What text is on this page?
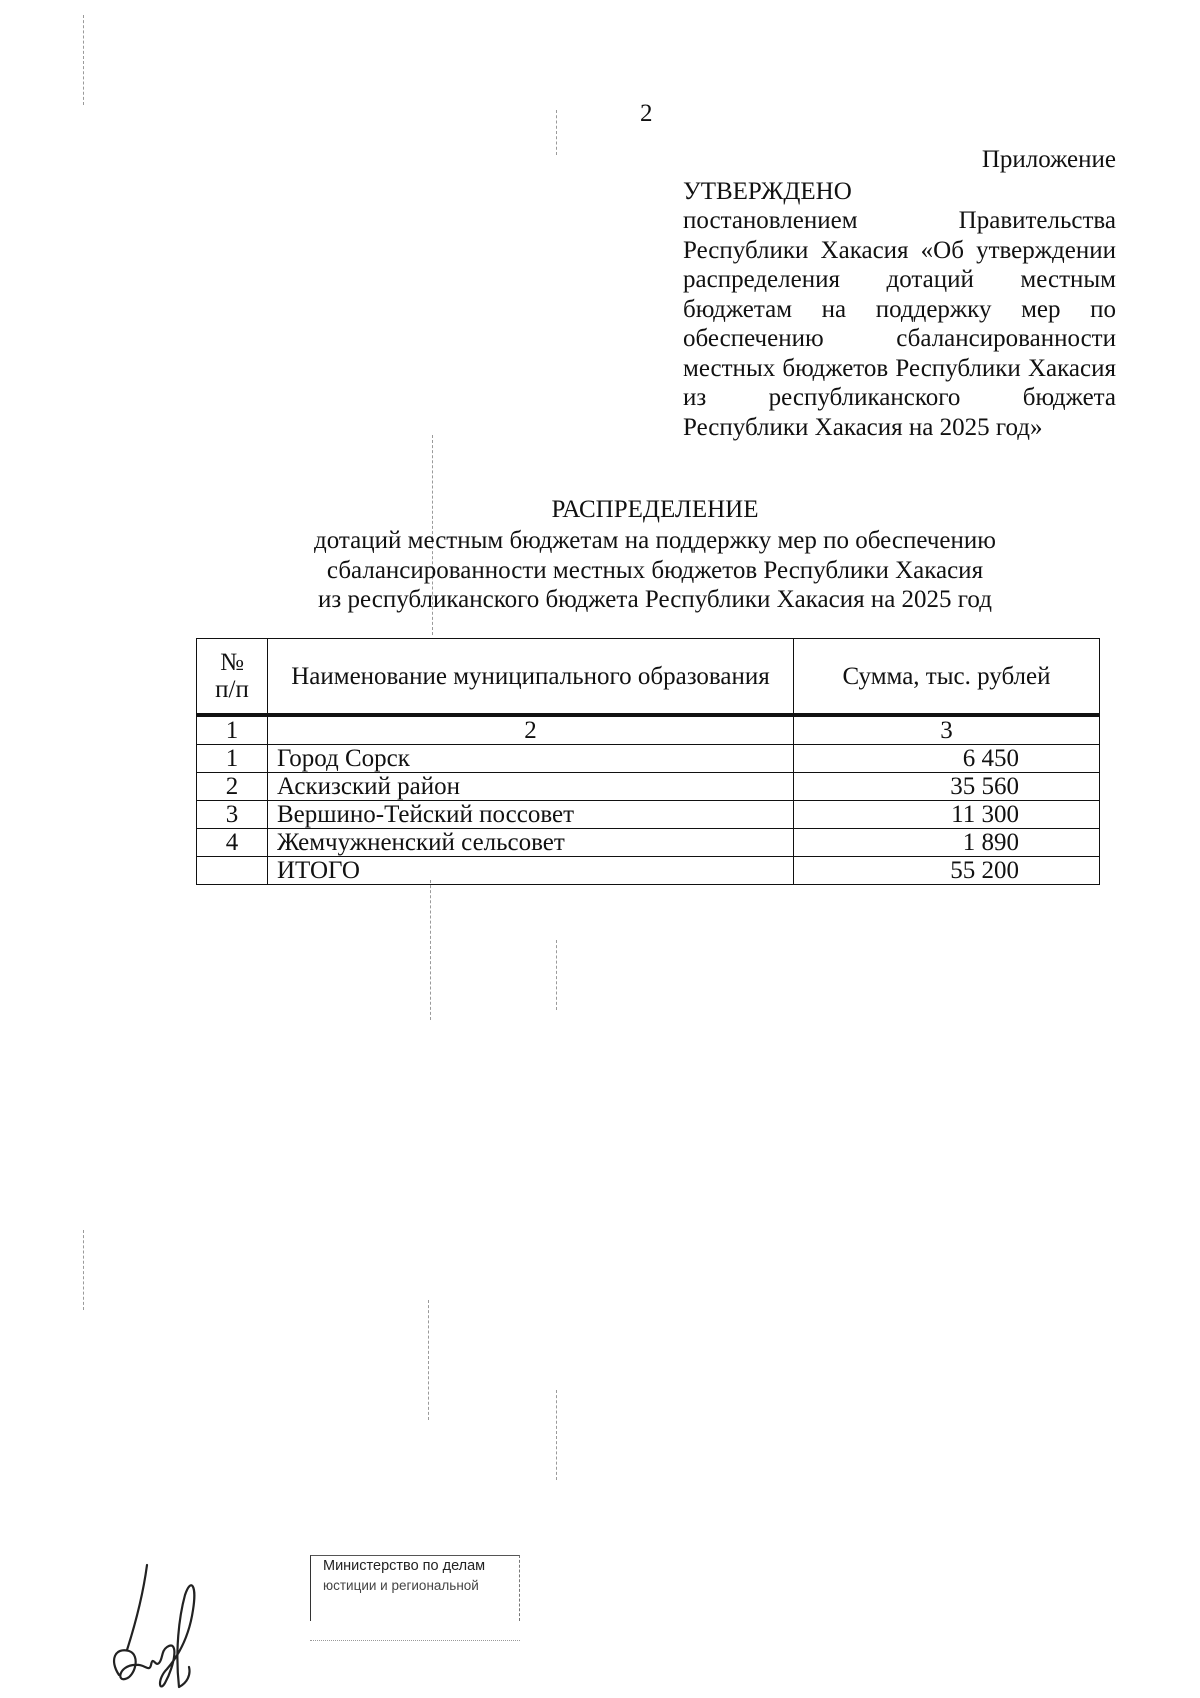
2
Приложение
УТВЕРЖДЕНО
постановлением Правительства Республики Хакасия «Об утверждении распределения дотаций местным бюджетам на поддержку мер по обеспечению сбалансированности местных бюджетов Республики Хакасия из республиканского бюджета Республики Хакасия на 2025 год»
РАСПРЕДЕЛЕНИЕ
дотаций местным бюджетам на поддержку мер по обеспечению
сбалансированности местных бюджетов Республики Хакасия
из республиканского бюджета Республики Хакасия на 2025 год
№
п/п	Наименование муниципального образования	Сумма, тыс. рублей

1	2	3
1	Город Сорск	6 450
2	Аскизский район	35 560
3	Вершино-Тейский поссовет	11 300
4	Жемчужненский сельсовет	1 890
	ИТОГО	55 200
Министерство по делам
юстиции и региональной
